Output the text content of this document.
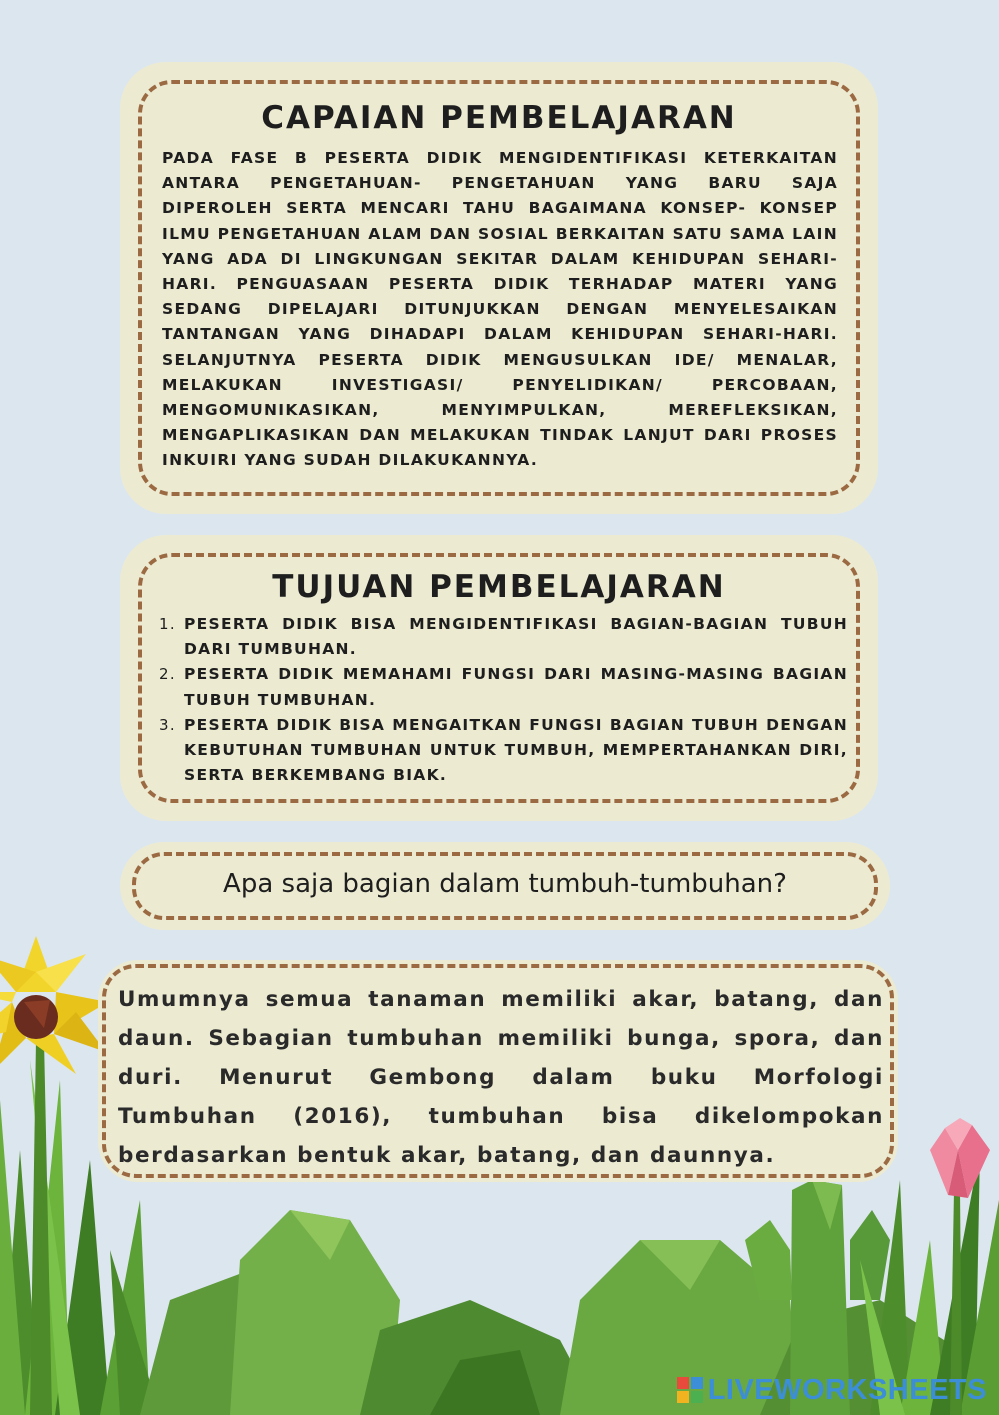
CAPAIAN PEMBELAJARAN
PADA FASE B PESERTA DIDIK MENGIDENTIFIKASI KETERKAITAN ANTARA PENGETAHUAN- PENGETAHUAN YANG BARU SAJA DIPEROLEH SERTA MENCARI TAHU BAGAIMANA KONSEP- KONSEP ILMU PENGETAHUAN ALAM DAN SOSIAL BERKAITAN SATU SAMA LAIN YANG ADA DI LINGKUNGAN SEKITAR DALAM KEHIDUPAN SEHARI-HARI. PENGUASAAN PESERTA DIDIK TERHADAP MATERI YANG SEDANG DIPELAJARI DITUNJUKKAN DENGAN MENYELESAIKAN TANTANGAN YANG DIHADAPI DALAM KEHIDUPAN SEHARI-HARI. SELANJUTNYA PESERTA DIDIK MENGUSULKAN IDE/ MENALAR, MELAKUKAN INVESTIGASI/ PENYELIDIKAN/ PERCOBAAN, MENGOMUNIKASIKAN, MENYIMPULKAN, MEREFLEKSIKAN, MENGAPLIKASIKAN DAN MELAKUKAN TINDAK LANJUT DARI PROSES INKUIRI YANG SUDAH DILAKUKANNYA.
TUJUAN PEMBELAJARAN
1. PESERTA DIDIK BISA MENGIDENTIFIKASI BAGIAN-BAGIAN TUBUH DARI TUMBUHAN.
2. PESERTA DIDIK MEMAHAMI FUNGSI DARI MASING-MASING BAGIAN TUBUH TUMBUHAN.
3. PESERTA DIDIK BISA MENGAITKAN FUNGSI BAGIAN TUBUH DENGAN KEBUTUHAN TUMBUHAN UNTUK TUMBUH, MEMPERTAHANKAN DIRI, SERTA BERKEMBANG BIAK.
Apa saja bagian dalam tumbuh-tumbuhan?
Umumnya semua tanaman memiliki akar, batang, dan daun. Sebagian tumbuhan memiliki bunga, spora, dan duri. Menurut Gembong dalam buku Morfologi Tumbuhan (2016), tumbuhan bisa dikelompokan berdasarkan bentuk akar, batang, dan daunnya.
LIVEWORKSHEETS
